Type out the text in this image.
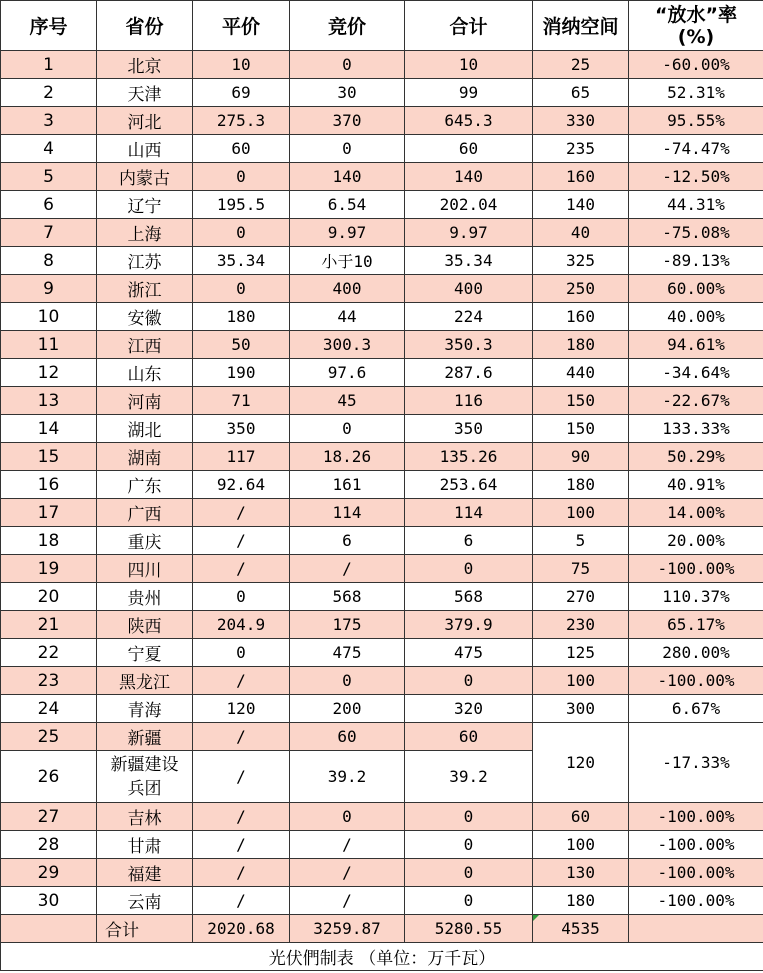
序号	省份	平价	竞价	合计	消纳空间	“放水”率
(%)

1	北京	10	0	10	25	-60.00%
2	天津	69	30	99	65	52.31%
3	河北	275.3	370	645.3	330	95.55%
4	山西	60	0	60	235	-74.47%
5	内蒙古	0	140	140	160	-12.50%
6	辽宁	195.5	6.54	202.04	140	44.31%
7	上海	0	9.97	9.97	40	-75.08%
8	江苏	35.34	小于10	35.34	325	-89.13%
9	浙江	0	400	400	250	60.00%
10	安徽	180	44	224	160	40.00%
11	江西	50	300.3	350.3	180	94.61%
12	山东	190	97.6	287.6	440	-34.64%
13	河南	71	45	116	150	-22.67%
14	湖北	350	0	350	150	133.33%
15	湖南	117	18.26	135.26	90	50.29%
16	广东	92.64	161	253.64	180	40.91%
17	广西	/	114	114	100	14.00%
18	重庆	/	6	6	5	20.00%
19	四川	/	/	0	75	-100.00%
20	贵州	0	568	568	270	110.37%
21	陕西	204.9	175	379.9	230	65.17%
22	宁夏	0	475	475	125	280.00%
23	黑龙江	/	0	0	100	-100.00%
24	青海	120	200	320	300	6.67%
25	新疆	/	60	60	120	-17.33%
26	新疆建设
兵团	/	39.2	39.2		
27	吉林	/	0	0	60	-100.00%
28	甘肃	/	/	0	100	-100.00%
29	福建	/	/	0	130	-100.00%
30	云南	/	/	0	180	-100.00%
	合计	2020.68	3259.87	5280.55	4535	
光伏們制表 （单位：万千瓦）						
